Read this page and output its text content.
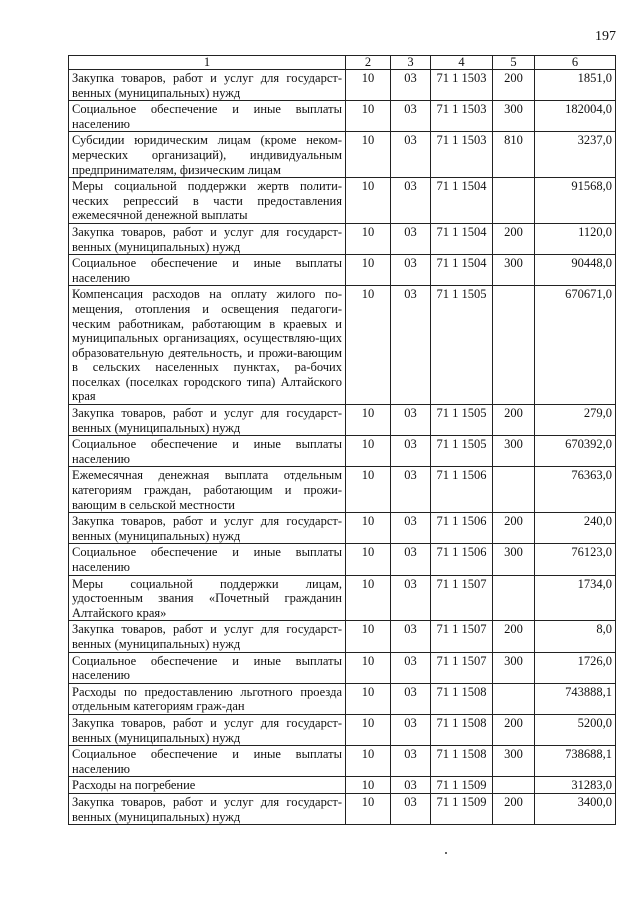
197
1	2	3	4	5	6
Закупка товаров, работ и услуг для государст-венных (муниципальных) нужд	10	03	71 1 1503	200	1851,0
Социальное обеспечение и иные выплаты населению	10	03	71 1 1503	300	182004,0
Субсидии юридическим лицам (кроме неком-мерческих организаций), индивидуальным предпринимателям, физическим лицам	10	03	71 1 1503	810	3237,0
Меры социальной поддержки жертв полити-ческих репрессий в части предоставления ежемесячной денежной выплаты	10	03	71 1 1504		91568,0
Закупка товаров, работ и услуг для государст-венных (муниципальных) нужд	10	03	71 1 1504	200	1120,0
Социальное обеспечение и иные выплаты населению	10	03	71 1 1504	300	90448,0
Компенсация расходов на оплату жилого по-мещения, отопления и освещения педагоги-ческим работникам, работающим в краевых и муниципальных организациях, осуществляю-щих образовательную деятельность, и прожи-вающим в сельских населенных пунктах, ра-бочих поселках (поселках городского типа) Алтайского края	10	03	71 1 1505		670671,0
Закупка товаров, работ и услуг для государст-венных (муниципальных) нужд	10	03	71 1 1505	200	279,0
Социальное обеспечение и иные выплаты населению	10	03	71 1 1505	300	670392,0
Ежемесячная денежная выплата отдельным категориям граждан, работающим и прожи-вающим в сельской местности	10	03	71 1 1506		76363,0
Закупка товаров, работ и услуг для государст-венных (муниципальных) нужд	10	03	71 1 1506	200	240,0
Социальное обеспечение и иные выплаты населению	10	03	71 1 1506	300	76123,0
Меры социальной поддержки лицам, удостоенным звания «Почетный гражданин Алтайского края»	10	03	71 1 1507		1734,0
Закупка товаров, работ и услуг для государст-венных (муниципальных) нужд	10	03	71 1 1507	200	8,0
Социальное обеспечение и иные выплаты населению	10	03	71 1 1507	300	1726,0
Расходы по предоставлению льготного проезда отдельным категориям граж-дан	10	03	71 1 1508		743888,1
Закупка товаров, работ и услуг для государст-венных (муниципальных) нужд	10	03	71 1 1508	200	5200,0
Социальное обеспечение и иные выплаты населению	10	03	71 1 1508	300	738688,1
Расходы на погребение	10	03	71 1 1509		31283,0
Закупка товаров, работ и услуг для государст-венных (муниципальных) нужд	10	03	71 1 1509	200	3400,0
